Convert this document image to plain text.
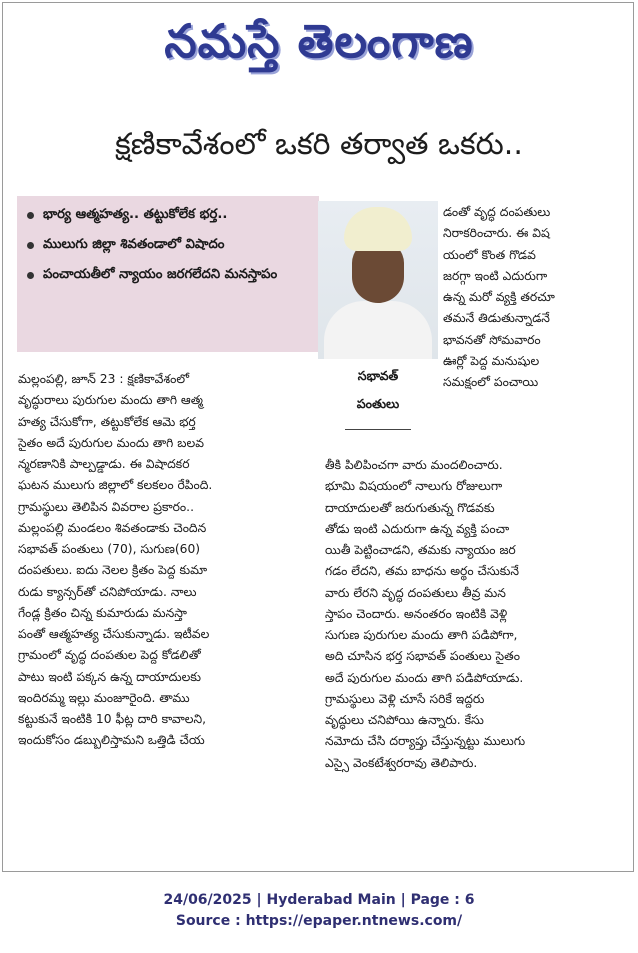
నమస్తే తెలంగాణ
క్షణికావేశంలో ఒకరి తర్వాత ఒకరు..
భార్య ఆత్మహత్య.. తట్టుకోలేక భర్త..
ములుగు జిల్లా శివతండాలో విషాదం
పంచాయతీలో న్యాయం జరగలేదని మనస్తాపం
సభావత్
పంతులు
మల్లంపల్లి, జూన్ 23 : క్షణికావేశంలో
వృద్ధురాలు పురుగుల మందు తాగి ఆత్మ
హత్య చేసుకోగా, తట్టుకోలేక ఆమె భర్త
సైతం అదే పురుగుల మందు తాగి బలవ
న్మరణానికి పాల్పడ్డాడు. ఈ విషాదకర
ఘటన ములుగు జిల్లాలో కలకలం రేపింది.
గ్రామస్థులు తెలిపిన వివరాల ప్రకారం..
మల్లంపల్లి మండలం శివతండాకు చెందిన
సభావత్ పంతులు (70), సుగుణ(60)
దంపతులు. ఐదు నెలల క్రితం పెద్ద కుమా
రుడు క్యాన్సర్‌తో చనిపోయాడు. నాలు
గేండ్ల క్రితం చిన్న కుమారుడు మనస్తా
పంతో ఆత్మహత్య చేసుకున్నాడు. ఇటీవల
గ్రామంలో వృద్ధ దంపతుల పెద్ద కోడలితో
పాటు ఇంటి పక్కన ఉన్న దాయాదులకు
ఇందిరమ్మ ఇల్లు మంజూరైంది. తాము
కట్టుకునే ఇంటికి 10 ఫీట్ల దారి కావాలని,
ఇందుకోసం డబ్బులిస్తామని ఒత్తిడి చేయ
డంతో వృద్ధ దంపతులు
నిరాకరించారు. ఈ విష
యంలో కొంత గొడవ
జరగ్గా ఇంటి ఎదురుగా
ఉన్న మరో వ్యక్తి తరచూ
తమనే తిడుతున్నాడనే
భావనతో సోమవారం
ఊర్లో పెద్ద మనుషుల
సమక్షంలో పంచాయి
తీకి పిలిపించగా వారు మందలించారు.
భూమి విషయంలో నాలుగు రోజులుగా
దాయాదులతో జరుగుతున్న గొడవకు
తోడు ఇంటి ఎదురుగా ఉన్న వ్యక్తి పంచా
యితీ పెట్టించాడని, తమకు న్యాయం జర
గడం లేదని, తమ బాధను అర్థం చేసుకునే
వారు లేరని వృద్ధ దంపతులు తీవ్ర మన
స్తాపం చెందారు. అనంతరం ఇంటికి వెళ్లి
సుగుణ పురుగుల మందు తాగి పడిపోగా,
అది చూసిన భర్త సభావత్ పంతులు సైతం
అదే పురుగుల మందు తాగి పడిపోయాడు.
గ్రామస్థులు వెళ్లి చూసే సరికే ఇద్దరు
వృద్ధులు చనిపోయి ఉన్నారు. కేసు
నమోదు చేసి దర్యాప్తు చేస్తున్నట్టు ములుగు
ఎస్సై వెంకటేశ్వరరావు తెలిపారు.
24/06/2025 | Hyderabad Main | Page : 6
Source : https://epaper.ntnews.com/
